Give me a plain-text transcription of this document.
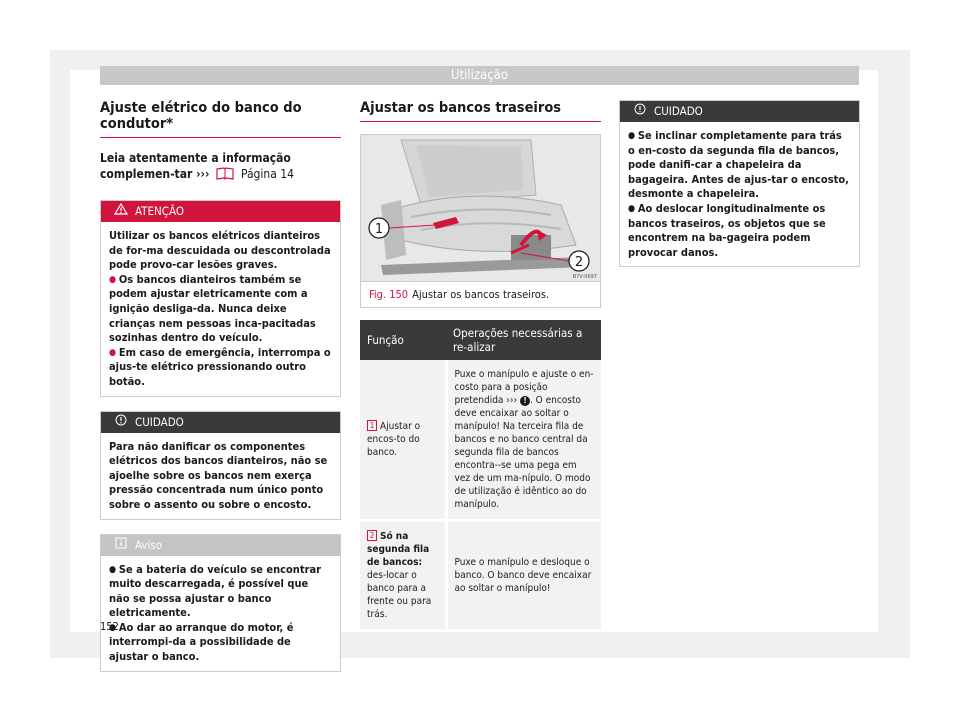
Utilização
Ajuste elétrico do banco do condutor*
Leia atentamente a informação complemen-tar ›››	Página 14
ATENÇÃO

Utilizar os bancos elétricos dianteiros de for-ma descuidada ou descontrolada pode provo-car lesões graves.

● Os bancos dianteiros também se podem ajustar eletricamente com a ignição desliga-da. Nunca deixe crianças nem pessoas inca-pacitadas sozinhas dentro do veículo.

● Em caso de emergência, interrompa o ajus-te elétrico pressionando outro botão.

CUIDADO

Para não danificar os componentes elétricos dos bancos dianteiros, não se ajoelhe sobre os bancos nem exerça pressão concentrada num único ponto sobre o assento ou sobre o encosto.

Aviso

● Se a bateria do veículo se encontrar muito descarregada, é possível que não se possa ajustar o banco eletricamente.

● Ao dar ao arranque do motor, é interrompi-da a possibilidade de ajustar o banco.

Ajustar os bancos traseiros
1
2
B7V-0697
Fig. 150 Ajustar os bancos traseiros.
Função	Operações necessárias a re-alizar
1 Ajustar o encos-to do banco.	Puxe o manípulo e ajuste o en-costo para a posição pretendida ››› ! . O encosto deve encaixar ao soltar o manípulo! Na terceira fila de bancos e no banco central da segunda fila de bancos encontra--se uma pega em vez de um ma-nípulo. O modo de utilização é idêntico ao do manípulo.
2 Só na segunda fila de bancos: des-locar o banco para a frente ou para trás.	Puxe o manípulo e desloque o banco. O banco deve encaixar ao soltar o manípulo!
CUIDADO

● Se inclinar completamente para trás o en-costo da segunda fila de bancos, pode danifi-car a chapeleira da bagageira. Antes de ajus-tar o encosto, desmonte a chapeleira.

● Ao deslocar longitudinalmente os bancos traseiros, os objetos que se encontrem na ba-gageira podem provocar danos.

152
